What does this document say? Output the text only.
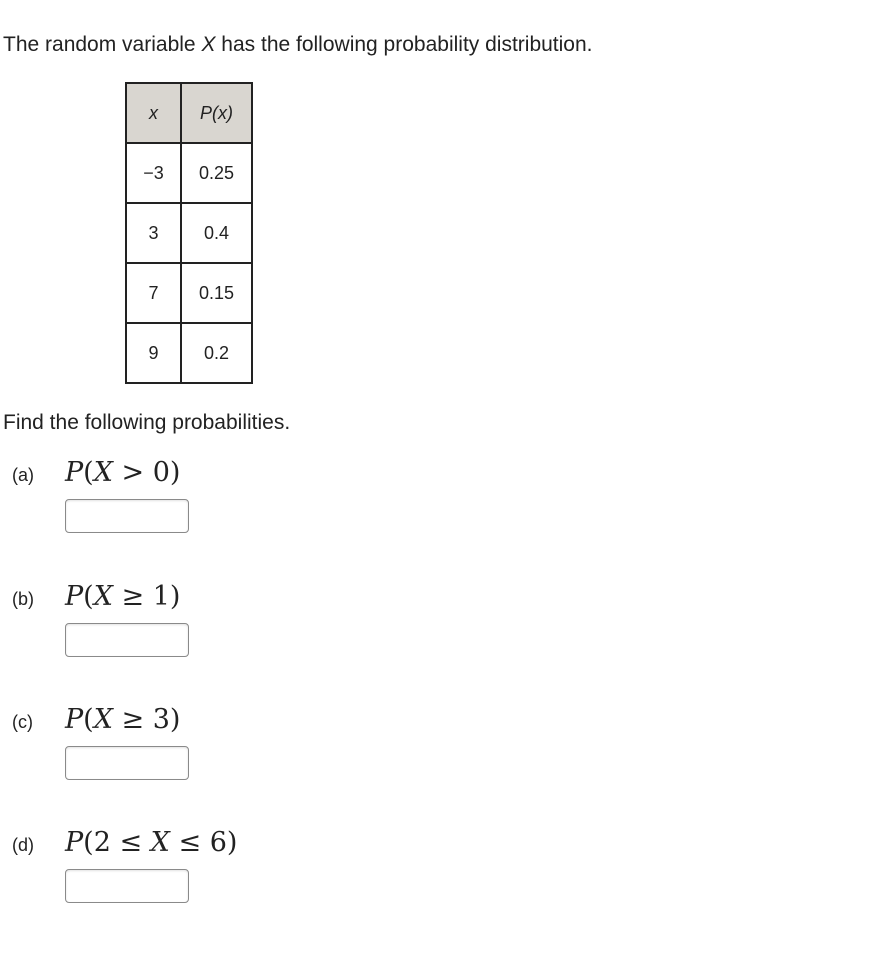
The random variable X has the following probability distribution.
x	P(x)
−3	0.25
3	0.4
7	0.15
9	0.2
Find the following probabilities.
(a) P(X > 0)
(b) P(X ≥ 1)
(c) P(X ≥ 3)
(d) P(2 ≤ X ≤ 6)
